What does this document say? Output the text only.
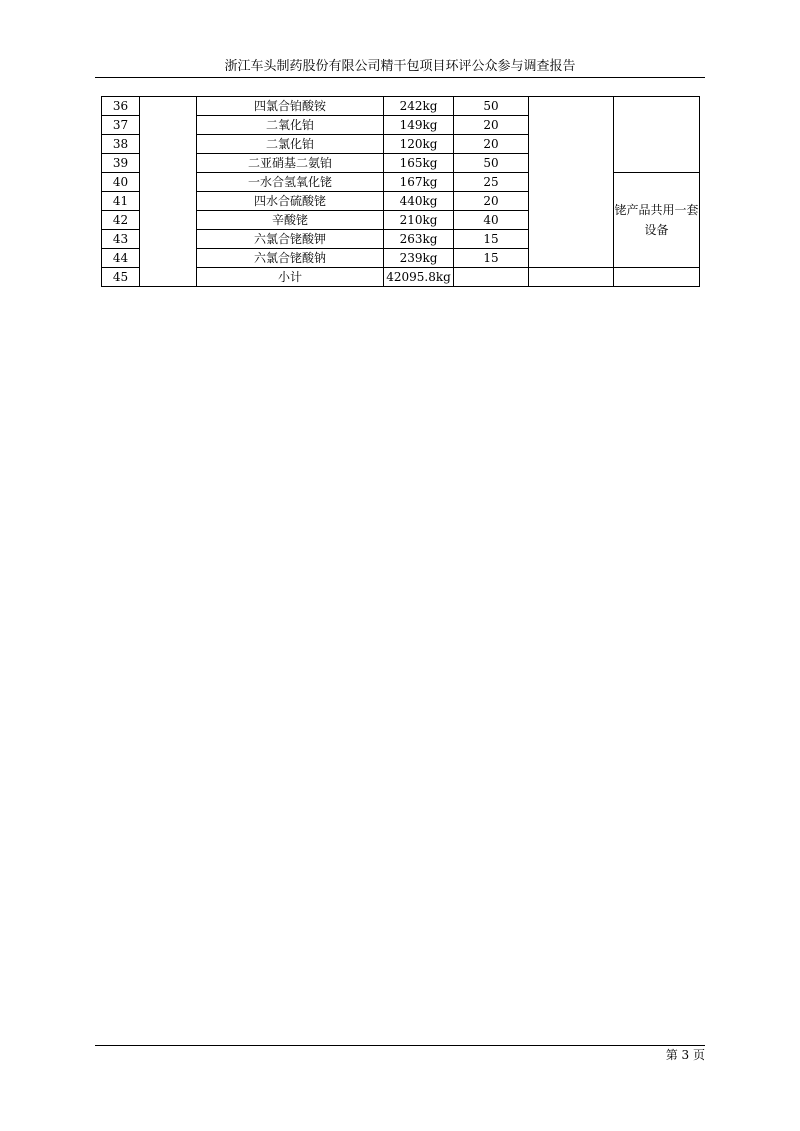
浙江车头制药股份有限公司精干包项目环评公众参与调查报告
36		四氯合铂酸铵	242kg	50		
37		二氧化铂	149kg	20		
38		二氯化铂	120kg	20		
39		二亚硝基二氨铂	165kg	50		
40		一水合氢氧化铑	167kg	25		铑产品共用一套设备
41		四水合硫酸铑	440kg	20		
42		辛酸铑	210kg	40		
43		六氯合铑酸钾	263kg	15		
44		六氯合铑酸钠	239kg	15		
45		小计	42095.8kg			
第 3 页
